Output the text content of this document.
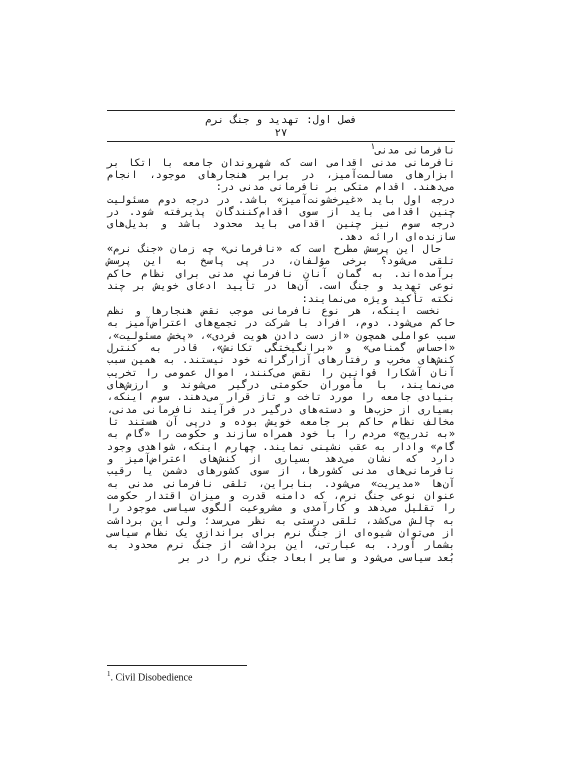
فصل اول: تهدید و جنگ نرم
۲۷

نافرمانی مدنی$^۱$

نافرمانی مدنی اقدامی است که شهروندان جامعه با اتکا بر ابزارهای مسالمت‌آمیز، در برابر هنجارهای موجود، انجام می‌دهند. اقدام متکی بر نافرمانی مدنی در:

درجه اول باید «غیرخشونت‌آمیز» باشد. در درجه دوم مسئولیت چنین اقدامی باید از سوی اقدام‌کنندگان پذیرفته شود. در درجه سوم نیز چنین اقدامی باید محدود باشد و بدیل‌های سازنده‌ای ارائه دهد.

حال این پرسش مطرح است که «نافرمانی» چه زمان «جنگ نرم» تلقی می‌شود؟ برخی مؤلفان، در پی پاسخ به این پرسش برآمده‌اند. به گمان آنان نافرمانی مدنی برای نظام حاکم نوعی تهدید و جنگ است. آن‌ها در تأیید ادعای خویش بر چند نکته تأکید ویژه می‌نمایند:

نخست اینکه، هر نوع نافرمانی موجب نقض هنجارها و نظم حاکم می‌شود. دوم، افراد با شرکت در تجمع‌های اعتراض‌آمیز به سبب عواملی همچون «از دست دادن هویت فردی»، «پخش مسئولیت»، «احساس گمنامی» و «برانگیختگی تکانش»، قادر به کنترل کنش‌های مخرب و رفتارهای آزارگرانه خود نیستند. به همین سبب آنان آشکارا قوانین را نقض می‌کنند، اموال عمومی را تخریب می‌نمایند، با مأموران حکومتی درگیر می‌شوند و ارزش‌های بنیادی جامعه را مورد تاخت و تاز قرار می‌دهند. سوم اینکه، بسیاری از حزب‌ها و دسته‌های درگیر در فرآیند نافرمانی مدنی، مخالف نظام حاکم بر جامعه خویش بوده و درپی آن هستند تا «به تدریج» مردم را با خود همراه سازند و حکومت را «گام به گام» وادار به عقب نشینی نمایند. چهارم اینکه، شواهدی وجود دارد که نشان می‌دهد بسیاری از کنش‌های اعتراض‌آمیز و نافرمانی‌های مدنی کشورها، از سوی کشورهای دشمن یا رقیب آن‌ها «مدیریت» می‌شود. بنابراین، تلقی نافرمانی مدنی به عنوان نوعی جنگ نرم، که دامنه قدرت و میزان اقتدار حکومت را تقلیل می‌دهد و کارآمدی و مشروعیت الگوی سیاسی موجود را به چالش می‌کشد، تلقی درستی به نظر می‌رسد؛ ولی این برداشت از می‌توان شیوه‌ای از جنگ نرم برای براندازی یک نظام سیاسی بشمار آورد. به عبارتی، این برداشت از جنگ نرم محدود به بُعد سیاسی می‌شود و سایر ابعاد جنگ نرم را در بر

$^1$. Civil Disobedience
